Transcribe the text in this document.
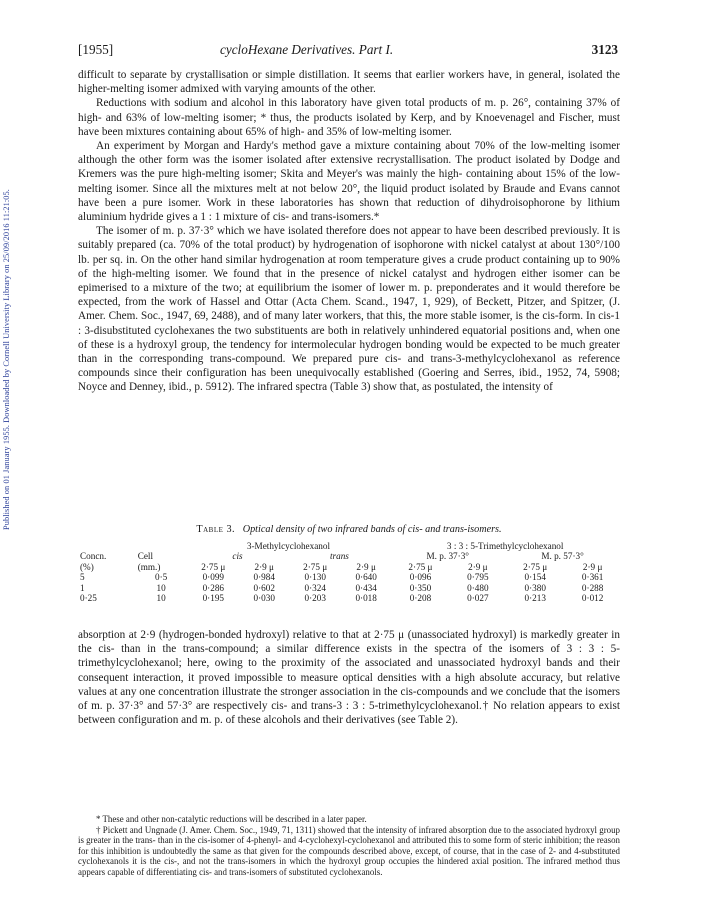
Published on 01 January 1955. Downloaded by Cornell University Library on 25/09/2016 11:21:05.
[1955]	cycloHexane Derivatives. Part I.	3123

difficult to separate by crystallisation or simple distillation. It seems that earlier workers have, in general, isolated the higher-melting isomer admixed with varying amounts of the other.

Reductions with sodium and alcohol in this laboratory have given total products of m. p. 26°, containing 37% of high- and 63% of low-melting isomer; * thus, the products isolated by Kerp, and by Knoevenagel and Fischer, must have been mixtures containing about 65% of high- and 35% of low-melting isomer.

An experiment by Morgan and Hardy's method gave a mixture containing about 70% of the low-melting isomer although the other form was the isomer isolated after extensive recrystallisation. The product isolated by Dodge and Kremers was the pure high-melting isomer; Skita and Meyer's was mainly the high- containing about 15% of the low-melting isomer. Since all the mixtures melt at not below 20°, the liquid product isolated by Braude and Evans cannot have been a pure isomer. Work in these laboratories has shown that reduction of dihydroisophorone by lithium aluminium hydride gives a 1 : 1 mixture of cis- and trans-isomers.*

The isomer of m. p. 37·3° which we have isolated therefore does not appear to have been described previously. It is suitably prepared (ca. 70% of the total product) by hydrogenation of isophorone with nickel catalyst at about 130°/100 lb. per sq. in. On the other hand similar hydrogenation at room temperature gives a crude product containing up to 90% of the high-melting isomer. We found that in the presence of nickel catalyst and hydrogen either isomer can be epimerised to a mixture of the two; at equilibrium the isomer of lower m. p. preponderates and it would therefore be expected, from the work of Hassel and Ottar (Acta Chem. Scand., 1947, 1, 929), of Beckett, Pitzer, and Spitzer, (J. Amer. Chem. Soc., 1947, 69, 2488), and of many later workers, that this, the more stable isomer, is the cis-form. In cis-1 : 3-disubstituted cyclohexanes the two substituents are both in relatively unhindered equatorial positions and, when one of these is a hydroxyl group, the tendency for intermolecular hydrogen bonding would be expected to be much greater than in the corresponding trans-compound. We prepared pure cis- and trans-3-methylcyclohexanol as reference compounds since their configuration has been unequivocally established (Goering and Serres, ibid., 1952, 74, 5908; Noyce and Denney, ibid., p. 5912). The infrared spectra (Table 3) show that, as postulated, the intensity of

Table 3. Optical density of two infrared bands of cis- and trans-isomers.
		3-Methylcyclohexanol				3 : 3 : 5-Trimethylcyclohexanol			
Concn.	Cell	cis		trans		M. p. 37·3°		M. p. 57·3°	
(%)	(mm.)	2·75 μ	2·9 μ	2·75 μ	2·9 μ	2·75 μ	2·9 μ	2·75 μ	2·9 μ
5	0·5	0·099	0·984	0·130	0·640	0·096	0·795	0·154	0·361
1	10	0·286	0·602	0·324	0·434	0·350	0·480	0·380	0·288
0·25	10	0·195	0·030	0·203	0·018	0·208	0·027	0·213	0·012

absorption at 2·9 (hydrogen-bonded hydroxyl) relative to that at 2·75 μ (unassociated hydroxyl) is markedly greater in the cis- than in the trans-compound; a similar difference exists in the spectra of the isomers of 3 : 3 : 5-trimethylcyclohexanol; here, owing to the proximity of the associated and unassociated hydroxyl bands and their consequent interaction, it proved impossible to measure optical densities with a high absolute accuracy, but relative values at any one concentration illustrate the stronger association in the cis-compounds and we conclude that the isomers of m. p. 37·3° and 57·3° are respectively cis- and trans-3 : 3 : 5-trimethylcyclohexanol.† No relation appears to exist between configuration and m. p. of these alcohols and their derivatives (see Table 2).

* These and other non-catalytic reductions will be described in a later paper.

† Pickett and Ungnade (J. Amer. Chem. Soc., 1949, 71, 1311) showed that the intensity of infrared absorption due to the associated hydroxyl group is greater in the trans- than in the cis-isomer of 4-phenyl- and 4-cyclohexyl-cyclohexanol and attributed this to some form of steric inhibition; the reason for this inhibition is undoubtedly the same as that given for the compounds described above, except, of course, that in the case of 2- and 4-substituted cyclohexanols it is the cis-, and not the trans-isomers in which the hydroxyl group occupies the hindered axial position. The infrared method thus appears capable of differentiating cis- and trans-isomers of substituted cyclohexanols.
